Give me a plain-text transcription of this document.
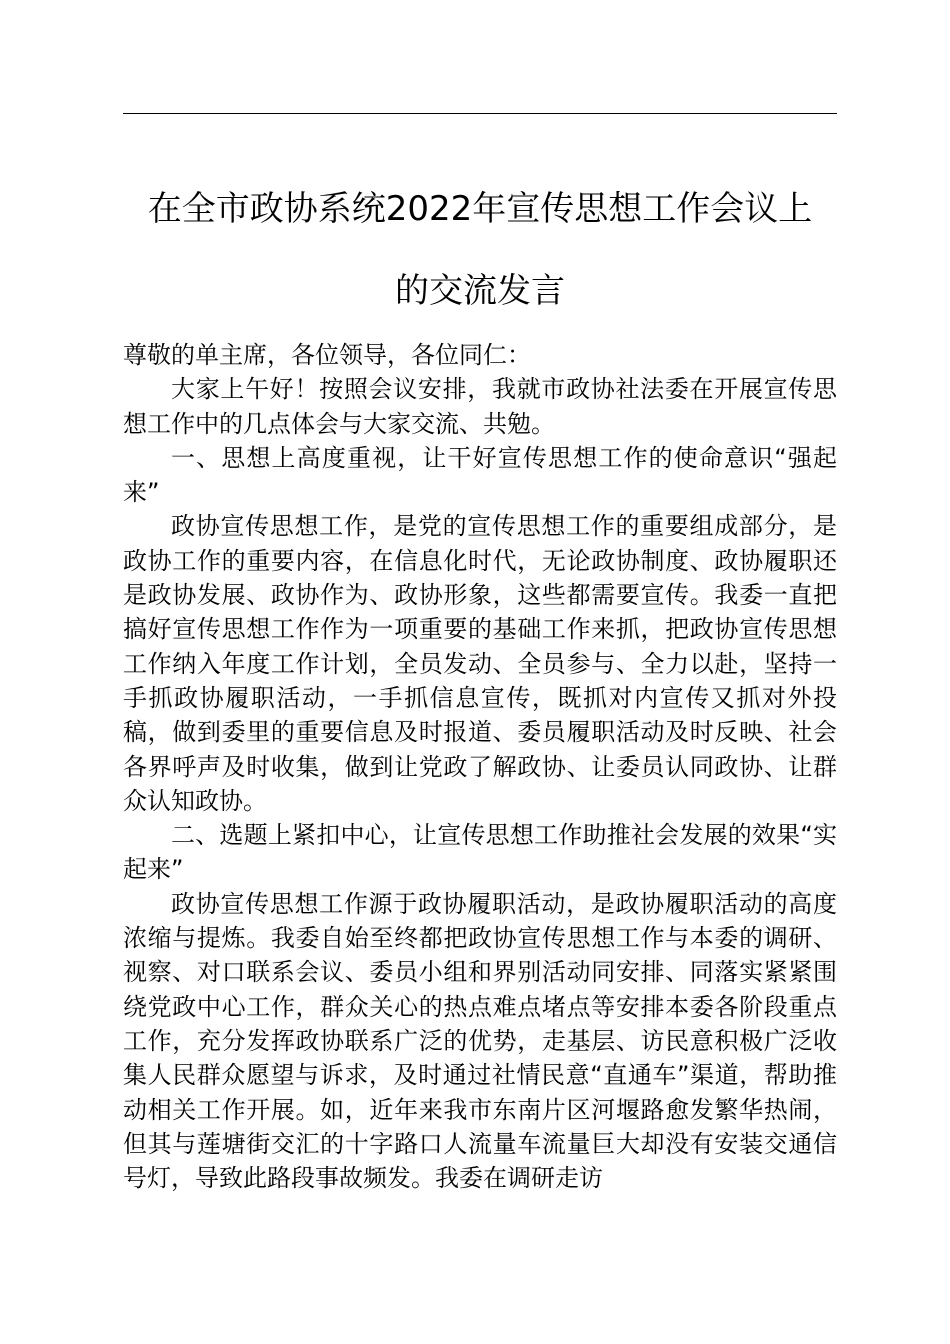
在全市政协系统2022年宣传思想工作会议上
的交流发言

尊敬的单主席，各位领导，各位同仁：

大家上午好！按照会议安排，我就市政协社法委在开展宣传思想工作中的几点体会与大家交流、共勉。

一、思想上高度重视，让干好宣传思想工作的使命意识“强起来”

政协宣传思想工作，是党的宣传思想工作的重要组成部分，是政协工作的重要内容，在信息化时代，无论政协制度、政协履职还是政协发展、政协作为、政协形象，这些都需要宣传。我委一直把搞好宣传思想工作作为一项重要的基础工作来抓，把政协宣传思想工作纳入年度工作计划，全员发动、全员参与、全力以赴，坚持一手抓政协履职活动，一手抓信息宣传，既抓对内宣传又抓对外投稿，做到委里的重要信息及时报道、委员履职活动及时反映、社会各界呼声及时收集，做到让党政了解政协、让委员认同政协、让群众认知政协。

二、选题上紧扣中心，让宣传思想工作助推社会发展的效果“实起来”

政协宣传思想工作源于政协履职活动，是政协履职活动的高度浓缩与提炼。我委自始至终都把政协宣传思想工作与本委的调研、视察、对口联系会议、委员小组和界别活动同安排、同落实紧紧围绕党政中心工作，群众关心的热点难点堵点等安排本委各阶段重点工作，充分发挥政协联系广泛的优势，走基层、访民意积极广泛收集人民群众愿望与诉求，及时通过社情民意“直通车”渠道，帮助推动相关工作开展。如，近年来我市东南片区河堰路愈发繁华热闹，但其与莲塘街交汇的十字路口人流量车流量巨大却没有安装交通信号灯，导致此路段事故频发。我委在调研走访
